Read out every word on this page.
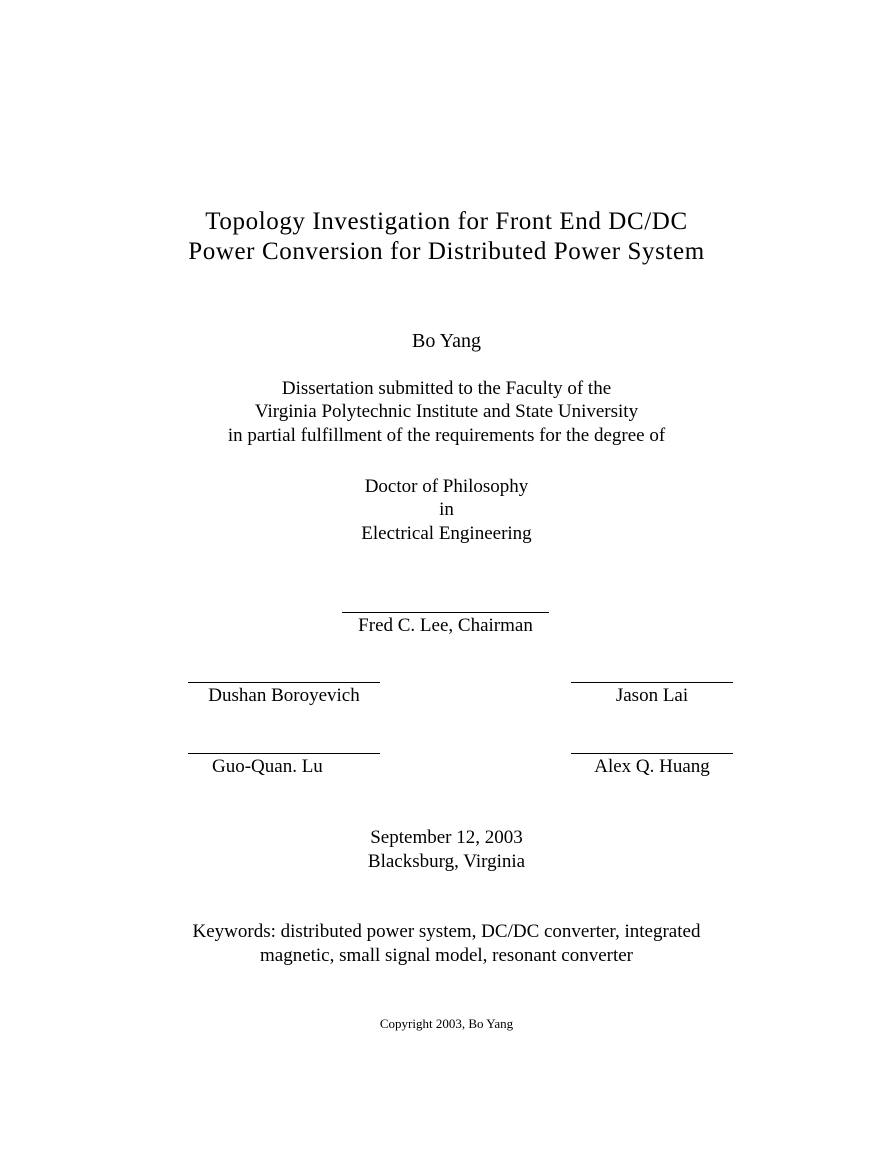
Topology Investigation for Front End DC/DC
Power Conversion for Distributed Power System
Bo Yang
Dissertation submitted to the Faculty of the
Virginia Polytechnic Institute and State University
in partial fulfillment of the requirements for the degree of
Doctor of Philosophy
in
Electrical Engineering
Fred C. Lee, Chairman
Dushan Boroyevich	Jason Lai
Guo-Quan. Lu	Alex Q. Huang
September 12, 2003
Blacksburg, Virginia
Keywords: distributed power system, DC/DC converter, integrated
magnetic, small signal model, resonant converter
Copyright 2003, Bo Yang
